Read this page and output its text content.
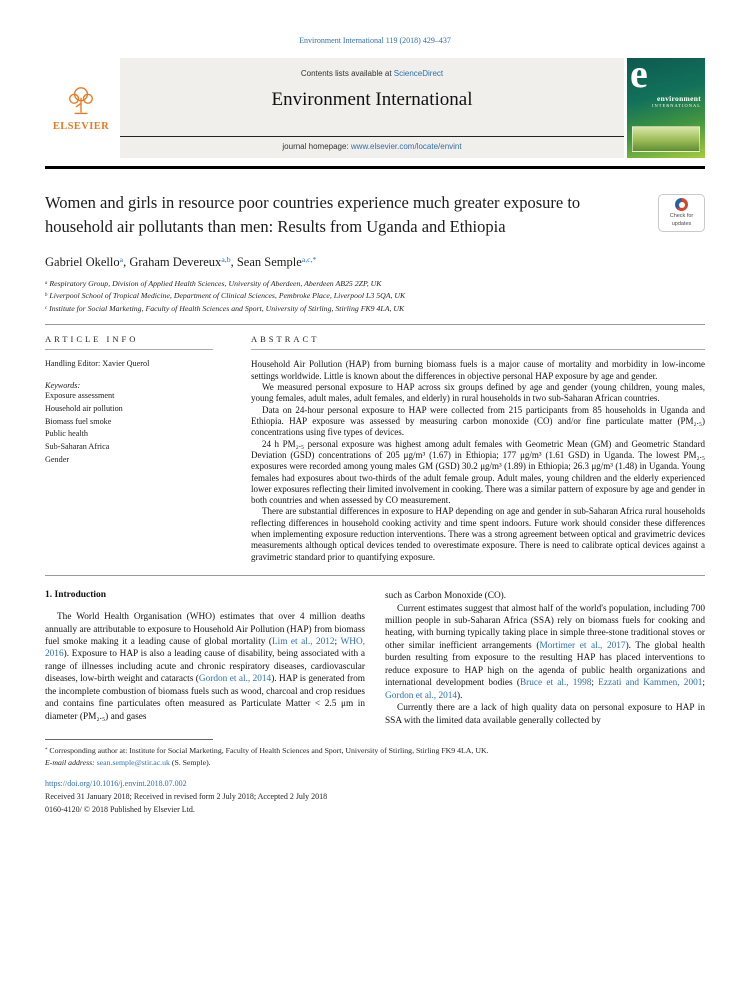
Environment International 119 (2018) 429–437
ELSEVIER
Contents lists available at ScienceDirect
Environment International
journal homepage: www.elsevier.com/locate/envint
e
environment
INTERNATIONAL
Women and girls in resource poor countries experience much greater exposure to household air pollutants than men: Results from Uganda and Ethiopia
Check for updates
Gabriel Okello$^a$, Graham Devereux$^{a,b}$, Sean Semple$^{a,c,*}$
$^a$ Respiratory Group, Division of Applied Health Sciences, University of Aberdeen, Aberdeen AB25 2ZP, UK
$^b$ Liverpool School of Tropical Medicine, Department of Clinical Sciences, Pembroke Place, Liverpool L3 5QA, UK
$^c$ Institute for Social Marketing, Faculty of Health Sciences and Sport, University of Stirling, Stirling FK9 4LA, UK
ARTICLE INFO
Handling Editor: Xavier Querol
Keywords:
Exposure assessment
Household air pollution
Biomass fuel smoke
Public health
Sub-Saharan Africa
Gender
ABSTRACT

Household Air Pollution (HAP) from burning biomass fuels is a major cause of mortality and morbidity in low-income settings worldwide. Little is known about the differences in objective personal HAP exposure by age and gender.

We measured personal exposure to HAP across six groups defined by age and gender (young children, young males, young females, adult males, adult females, and elderly) in rural households in two sub-Saharan African countries.

Data on 24-hour personal exposure to HAP were collected from 215 participants from 85 households in Uganda and Ethiopia. HAP exposure was assessed by measuring carbon monoxide (CO) and/or fine particulate matter (PM₂.₅) concentrations using five types of devices.

24 h PM₂.₅ personal exposure was highest among adult females with Geometric Mean (GM) and Geometric Standard Deviation (GSD) concentrations of 205 μg/m³ (1.67) in Ethiopia; 177 μg/m³ (1.61 GSD) in Uganda. The lowest PM₂.₅ exposures were recorded among young males GM (GSD) 30.2 μg/m³ (1.89) in Ethiopia; 26.3 μg/m³ (1.48) in Uganda. Young females had exposures about two-thirds of the adult female group. Adult males, young children and the elderly experienced lower exposures reflecting their limited involvement in cooking. There was a similar pattern of exposure by age and gender in both countries and when assessed by CO measurement.

There are substantial differences in exposure to HAP depending on age and gender in sub-Saharan Africa rural households reflecting differences in household cooking activity and time spent indoors. Future work should consider these differences when implementing exposure reduction interventions. There was a strong agreement between optical and gravimetric devices measurements although optical devices tended to overestimate exposure. There is need to calibrate optical devices against a gravimetric standard prior to quantifying exposure.

1. Introduction

The World Health Organisation (WHO) estimates that over 4 million deaths annually are attributable to exposure to Household Air Pollution (HAP) from biomass fuel smoke making it a leading cause of global mortality (Lim et al., 2012; WHO, 2016). Exposure to HAP is also a leading cause of disability, being associated with a range of illnesses including acute and chronic respiratory diseases, cardiovascular diseases, low-birth weight and cataracts (Gordon et al., 2014). HAP is generated from the incomplete combustion of biomass fuels such as wood, charcoal and crop residues and contains fine particulates often measured as Particulate Matter < 2.5 μm in diameter (PM₂.₅) and gases

such as Carbon Monoxide (CO).

Current estimates suggest that almost half of the world's population, including 700 million people in sub-Saharan Africa (SSA) rely on biomass fuels for cooking and heating, with burning typically taking place in simple three-stone traditional stoves or other similar inefficient arrangements (Mortimer et al., 2017). The global health burden resulting from exposure to the resulting HAP has placed interventions to reduce exposure to HAP high on the agenda of public health organizations and international development bodies (Bruce et al., 1998; Ezzati and Kammen, 2001; Gordon et al., 2014).

Currently there are a lack of high quality data on personal exposure to HAP in SSA with the limited data available generally collected by

* Corresponding author at: Institute for Social Marketing, Faculty of Health Sciences and Sport, University of Stirling, Stirling FK9 4LA, UK.
E-mail address: sean.semple@stir.ac.uk (S. Semple).
https://doi.org/10.1016/j.envint.2018.07.002
Received 31 January 2018; Received in revised form 2 July 2018; Accepted 2 July 2018
0160-4120/ © 2018 Published by Elsevier Ltd.
